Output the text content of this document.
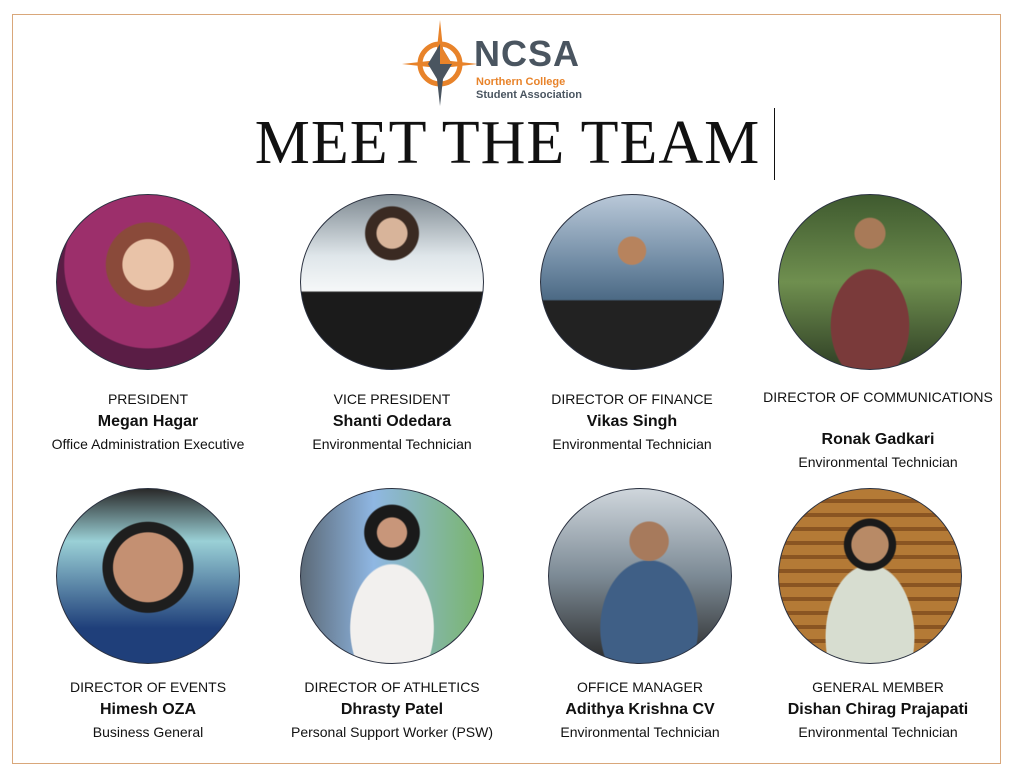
NCSA
Northern College
Student Association
MEET THE TEAM
PRESIDENT
Megan Hagar
Office Administration Executive
VICE PRESIDENT
Shanti Odedara
Environmental Technician
DIRECTOR OF FINANCE
Vikas Singh
Environmental Technician
DIRECTOR OF COMMUNICATIONS
Ronak Gadkari
Environmental Technician
DIRECTOR OF EVENTS
Himesh OZA
Business General
DIRECTOR OF ATHLETICS
Dhrasty Patel
Personal Support Worker (PSW)
OFFICE MANAGER
Adithya Krishna CV
Environmental Technician
GENERAL MEMBER
Dishan Chirag Prajapati
Environmental Technician
